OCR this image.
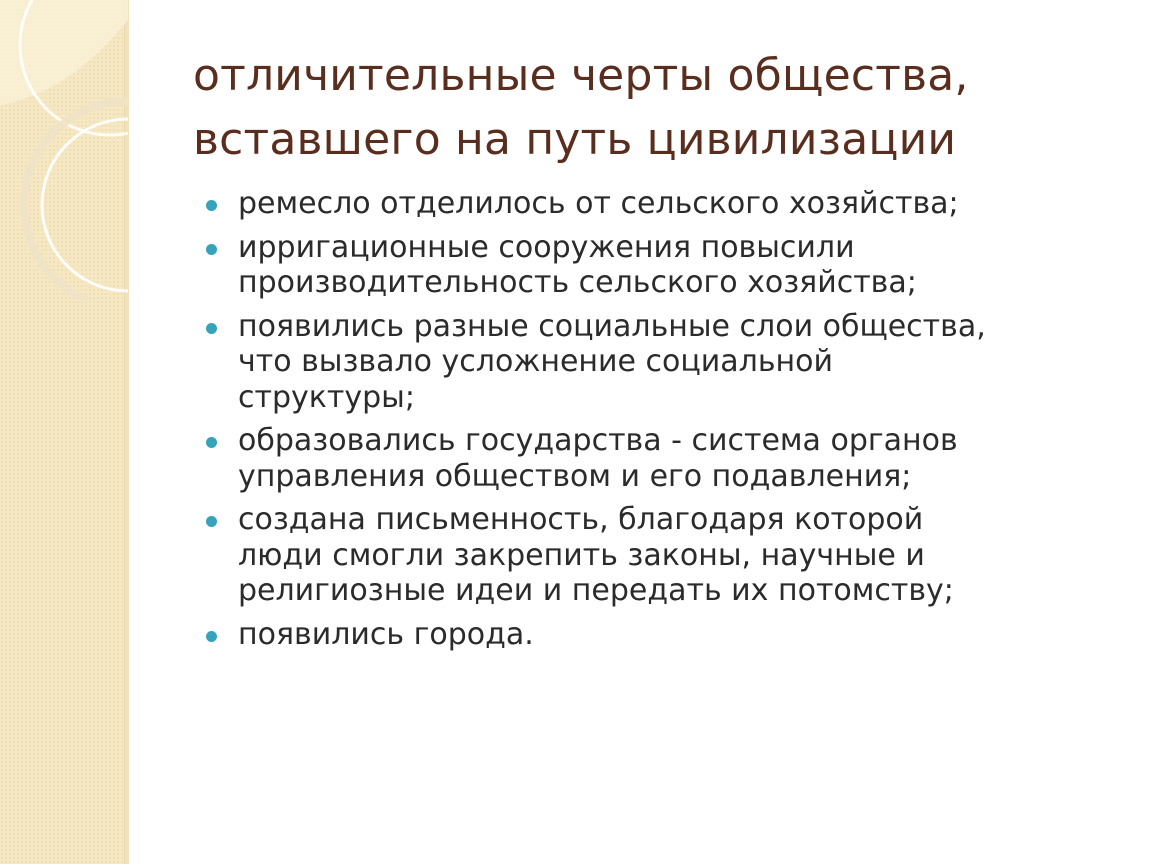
отличительные черты общества,
вставшего на путь цивилизации
ремесло отделилось от сельского хозяйства;
ирригационные сооружения повысили
производительность сельского хозяйства;
появились разные социальные слои общества,
что вызвало усложнение социальной
структуры;
образовались государства - система органов
управления обществом и его подавления;
создана письменность, благодаря которой
люди смогли закрепить законы, научные и
религиозные идеи и передать их потомству;
появились города.
